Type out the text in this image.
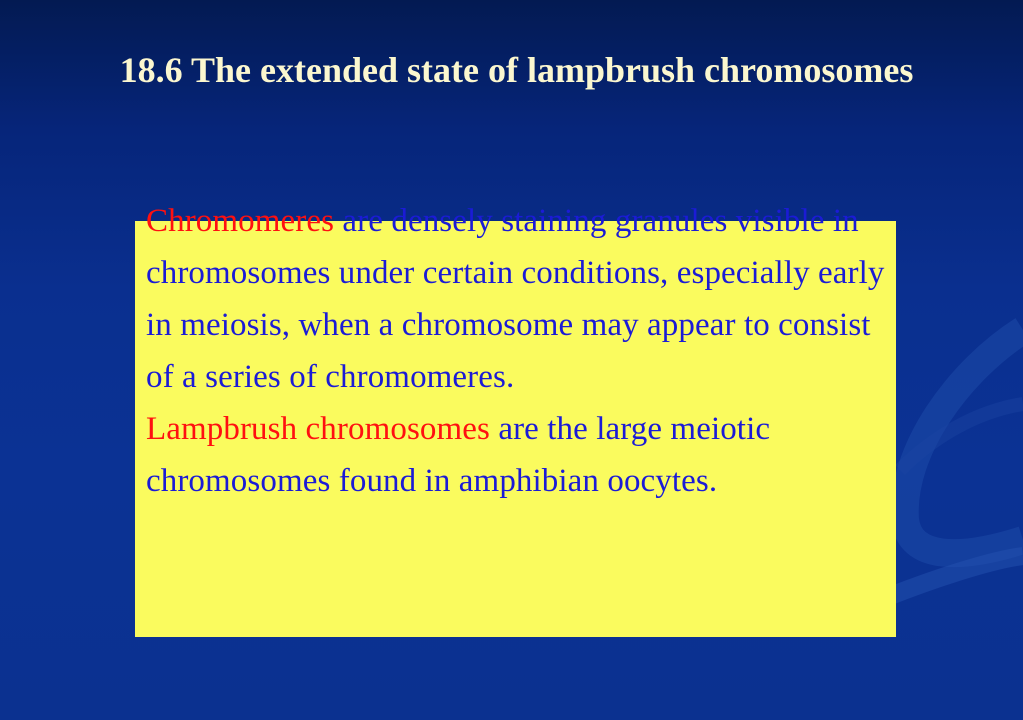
18.6 The extended state of lampbrush chromosomes

Chromomeres are densely staining granules visible in chromosomes under certain conditions, especially early in meiosis, when a chromosome may appear to consist of a series of chromomeres.

Lampbrush chromosomes are the large meiotic chromosomes found in amphibian oocytes.
